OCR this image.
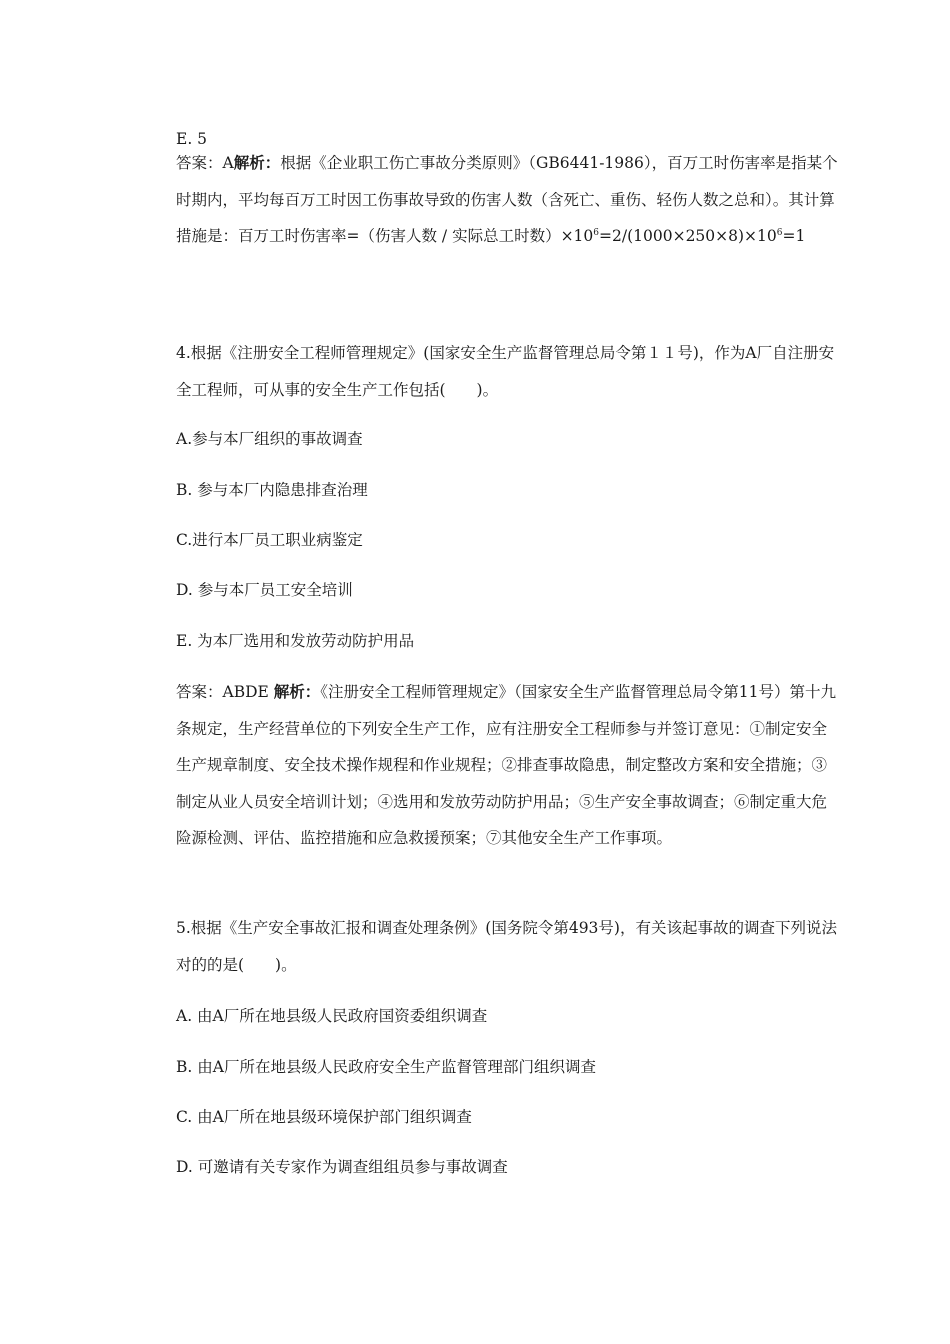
E. 5

答案：A解析：根据《企业职工伤亡事故分类原则》（GB6441-1986），百万工时伤害率是指某个时期内，平均每百万工时因工伤事故导致的伤害人数（含死亡、重伤、轻伤人数之总和）。其计算措施是：百万工时伤害率=（伤害人数 / 实际总工时数）$\times 10^6=2/(1000\times 250\times 8)\times 10^6=1$

4.根据《注册安全工程师管理规定》(国家安全生产监督管理总局令第１１号)，作为A厂自注册安全工程师，可从事的安全生产工作包括(　　)。

A.参与本厂组织的事故调查

B. 参与本厂内隐患排查治理

C.进行本厂员工职业病鉴定

D. 参与本厂员工安全培训

E. 为本厂选用和发放劳动防护用品

答案：ABDE 解析：《注册安全工程师管理规定》（国家安全生产监督管理总局令第11号）第十九条规定，生产经营单位的下列安全生产工作，应有注册安全工程师参与并签订意见：①制定安全生产规章制度、安全技术操作规程和作业规程；②排查事故隐患，制定整改方案和安全措施；③制定从业人员安全培训计划；④选用和发放劳动防护用品；⑤生产安全事故调查；⑥制定重大危险源检测、评估、监控措施和应急救援预案；⑦其他安全生产工作事项。

5.根据《生产安全事故汇报和调查处理条例》(国务院令第493号)，有关该起事故的调查下列说法对的的是(　　)。

A. 由A厂所在地县级人民政府国资委组织调查

B. 由A厂所在地县级人民政府安全生产监督管理部门组织调查

C. 由A厂所在地县级环境保护部门组织调查

D. 可邀请有关专家作为调查组组员参与事故调查
